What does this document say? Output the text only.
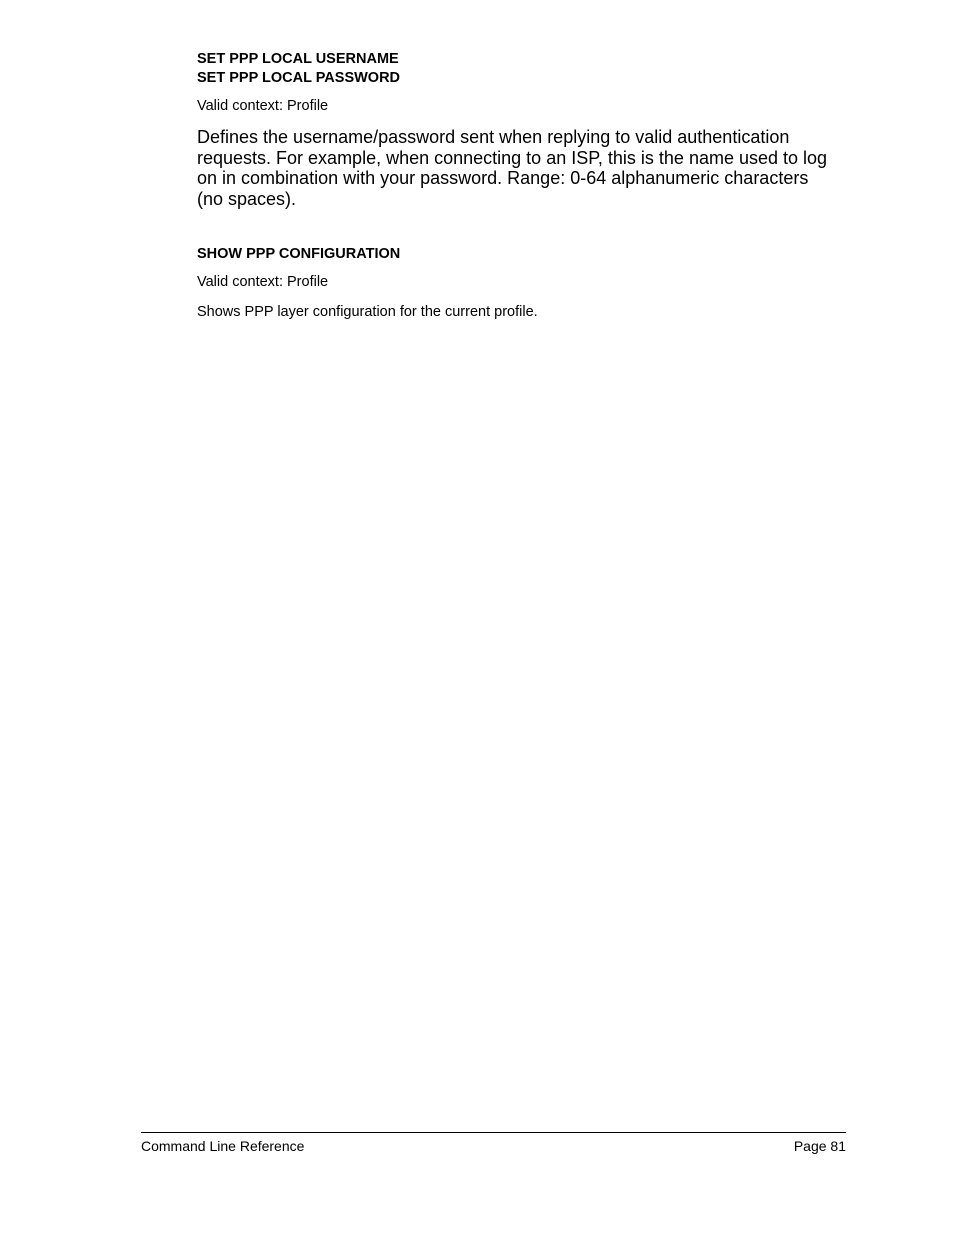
SET PPP LOCAL USERNAME

SET PPP LOCAL PASSWORD

Valid context: Profile

Defines the username/password sent when replying to valid authentication requests. For example, when connecting to an ISP, this is the name used to log on in combination with your password. Range: 0-64 alphanumeric characters (no spaces).

SHOW PPP CONFIGURATION

Valid context: Profile

Shows PPP layer configuration for the current profile.

Command Line Reference	Page 81
